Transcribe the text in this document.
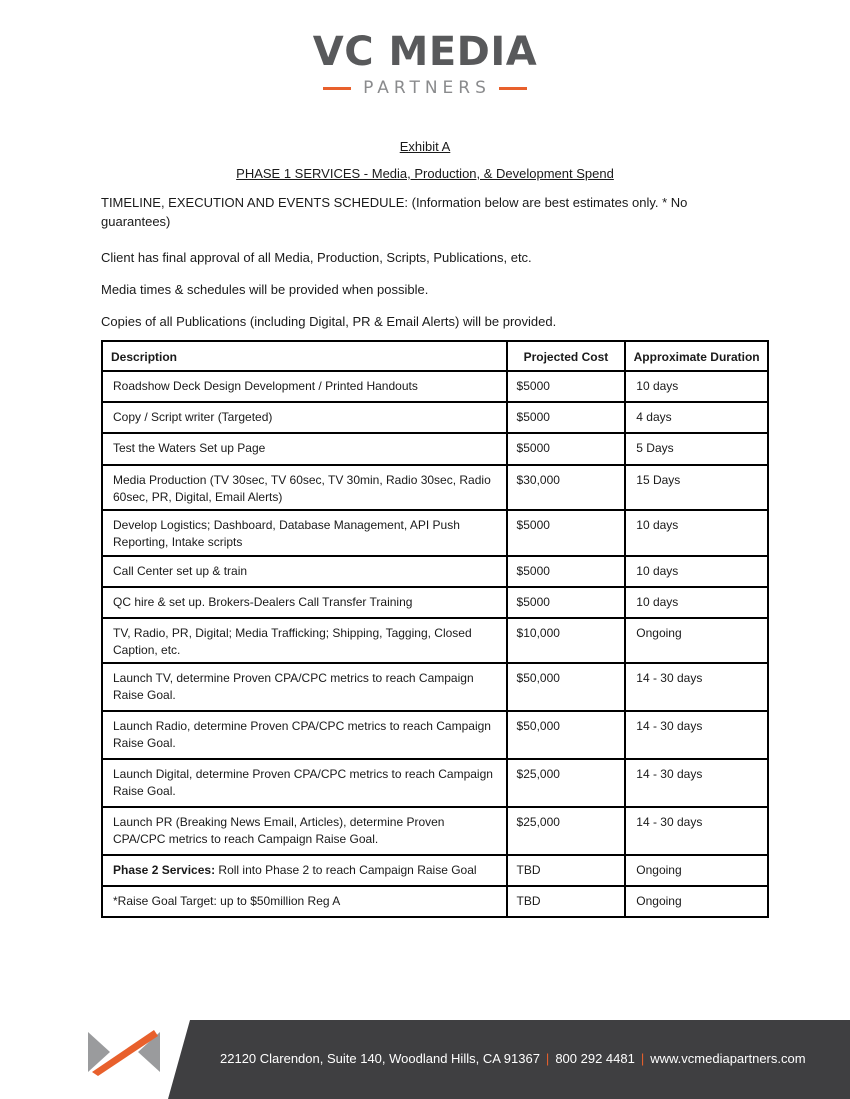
VC MEDIA
PARTNERS
Exhibit A
PHASE 1 SERVICES - Media, Production, & Development Spend
TIMELINE, EXECUTION AND EVENTS SCHEDULE: (Information below are best estimates only. * No guarantees)
Client has final approval of all Media, Production, Scripts, Publications, etc.
Media times & schedules will be provided when possible.
Copies of all Publications (including Digital, PR & Email Alerts) will be provided.
Description	Projected Cost	Approximate Duration
Roadshow Deck Design Development / Printed Handouts	$5000	10 days
Copy / Script writer (Targeted)	$5000	4 days
Test the Waters Set up Page	$5000	5 Days
Media Production (TV 30sec, TV 60sec, TV 30min, Radio 30sec, Radio 60sec, PR, Digital, Email Alerts)	$30,000	15 Days
Develop Logistics; Dashboard, Database Management, API Push Reporting, Intake scripts	$5000	10 days
Call Center set up & train	$5000	10 days
QC hire & set up. Brokers-Dealers Call Transfer Training	$5000	10 days
TV, Radio, PR, Digital; Media Trafficking; Shipping, Tagging, Closed Caption, etc.	$10,000	Ongoing
Launch TV, determine Proven CPA/CPC metrics to reach Campaign Raise Goal.	$50,000	14 - 30 days
Launch Radio, determine Proven CPA/CPC metrics to reach Campaign Raise Goal.	$50,000	14 - 30 days
Launch Digital, determine Proven CPA/CPC metrics to reach Campaign Raise Goal.	$25,000	14 - 30 days
Launch PR (Breaking News Email, Articles), determine Proven CPA/CPC metrics to reach Campaign Raise Goal.	$25,000	14 - 30 days
Phase 2 Services: Roll into Phase 2 to reach Campaign Raise Goal	TBD	Ongoing
*Raise Goal Target: up to $50million Reg A	TBD	Ongoing
22120 Clarendon, Suite 140, Woodland Hills, CA 91367 | 800 292 4481 | www.vcmediapartners.com
